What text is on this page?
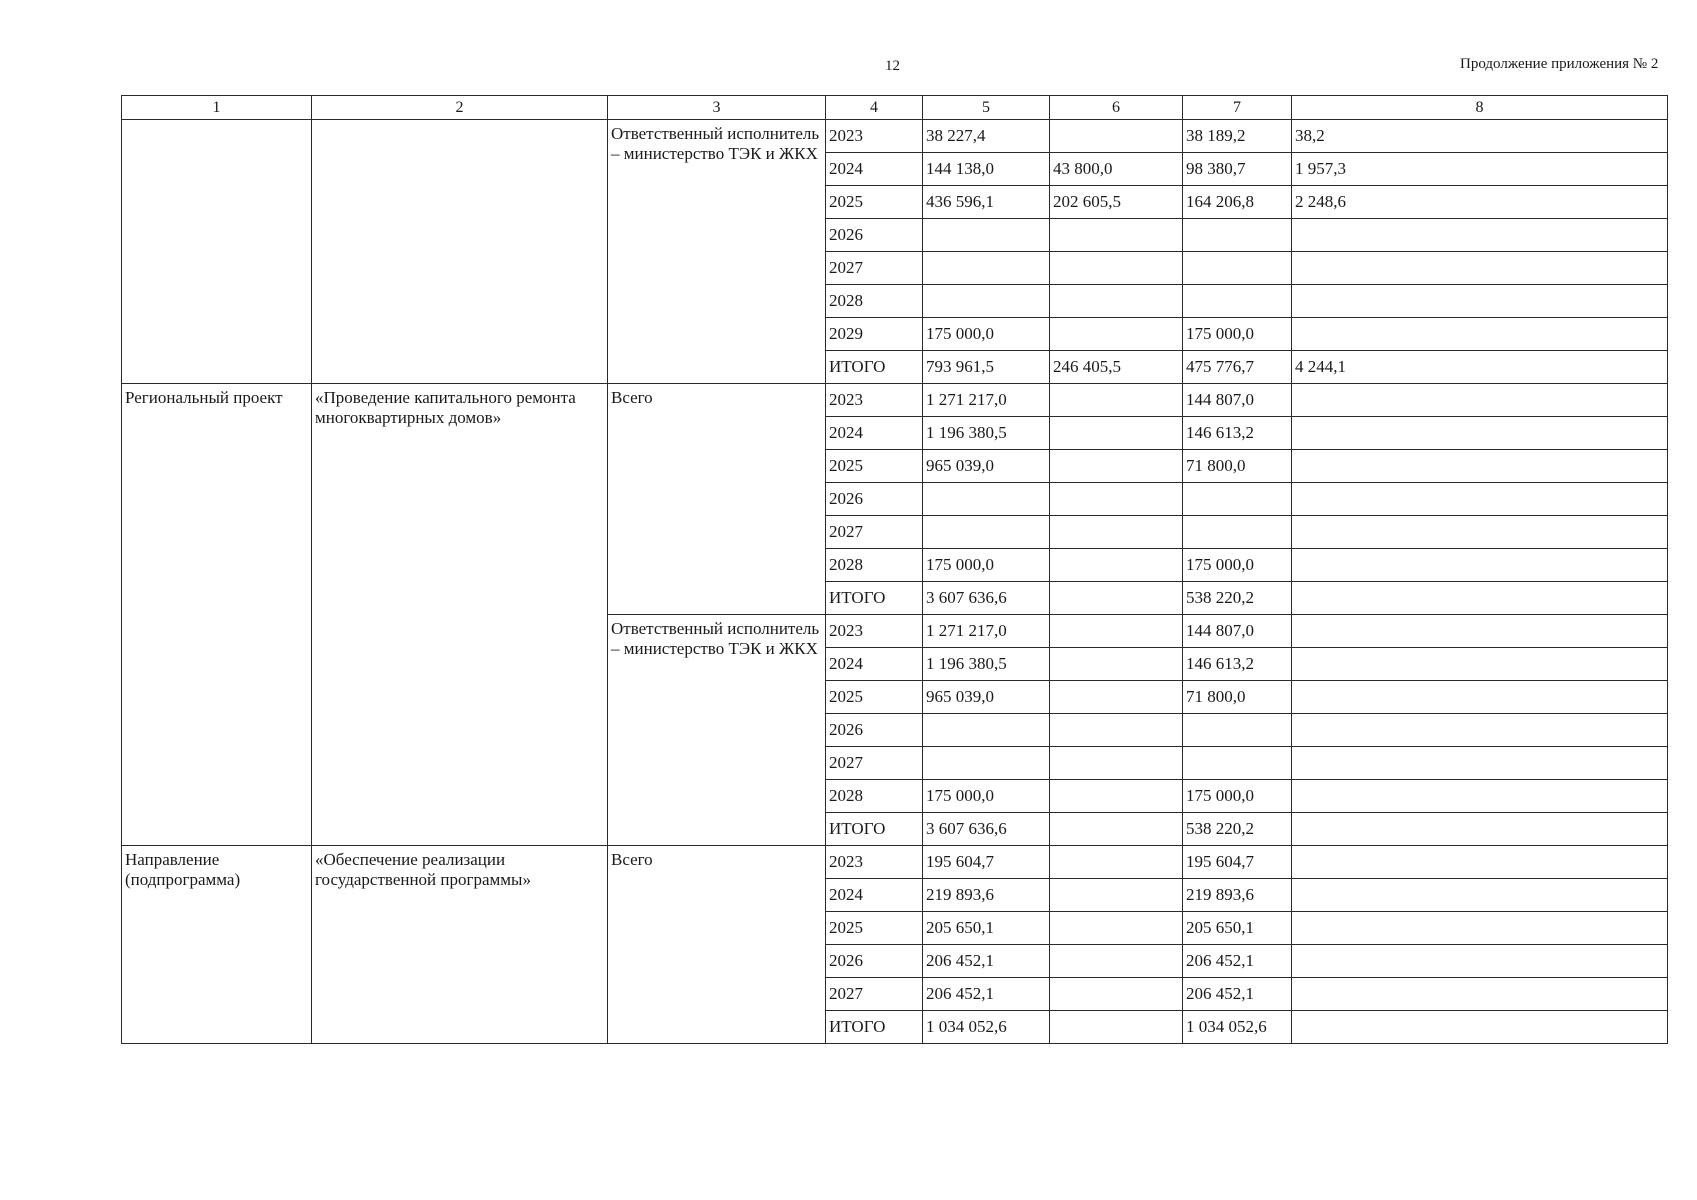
12	Продолжение приложения № 2
1	2	3	4	5	6	7	8	
		Ответственный исполнитель – министерство ТЭК и ЖКХ	2023	38 227,4		38 189,2	38,2	
			2024	144 138,0	43 800,0	98 380,7	1 957,3	
			2025	436 596,1	202 605,5	164 206,8	2 248,6	
			2026					
			2027					
			2028					
			2029	175 000,0		175 000,0		
			ИТОГО	793 961,5	246 405,5	475 776,7	4 244,1	
Региональный проект	«Проведение капитального ремонта многоквартирных домов»	Всего	2023	1 271 217,0		144 807,0		
			2024	1 196 380,5		146 613,2		
			2025	965 039,0		71 800,0		
			2026					
			2027					
			2028	175 000,0		175 000,0		
			ИТОГО	3 607 636,6		538 220,2		
		Ответственный исполнитель – министерство ТЭК и ЖКХ	2023	1 271 217,0		144 807,0		
			2024	1 196 380,5		146 613,2		
			2025	965 039,0		71 800,0		
			2026					
			2027					
			2028	175 000,0		175 000,0		
			ИТОГО	3 607 636,6		538 220,2		
Направление (подпрограмма)	«Обеспечение реализации государственной программы»	Всего	2023	195 604,7		195 604,7		
			2024	219 893,6		219 893,6		
			2025	205 650,1		205 650,1		
			2026	206 452,1		206 452,1		
			2027	206 452,1		206 452,1		
			ИТОГО	1 034 052,6		1 034 052,6		
